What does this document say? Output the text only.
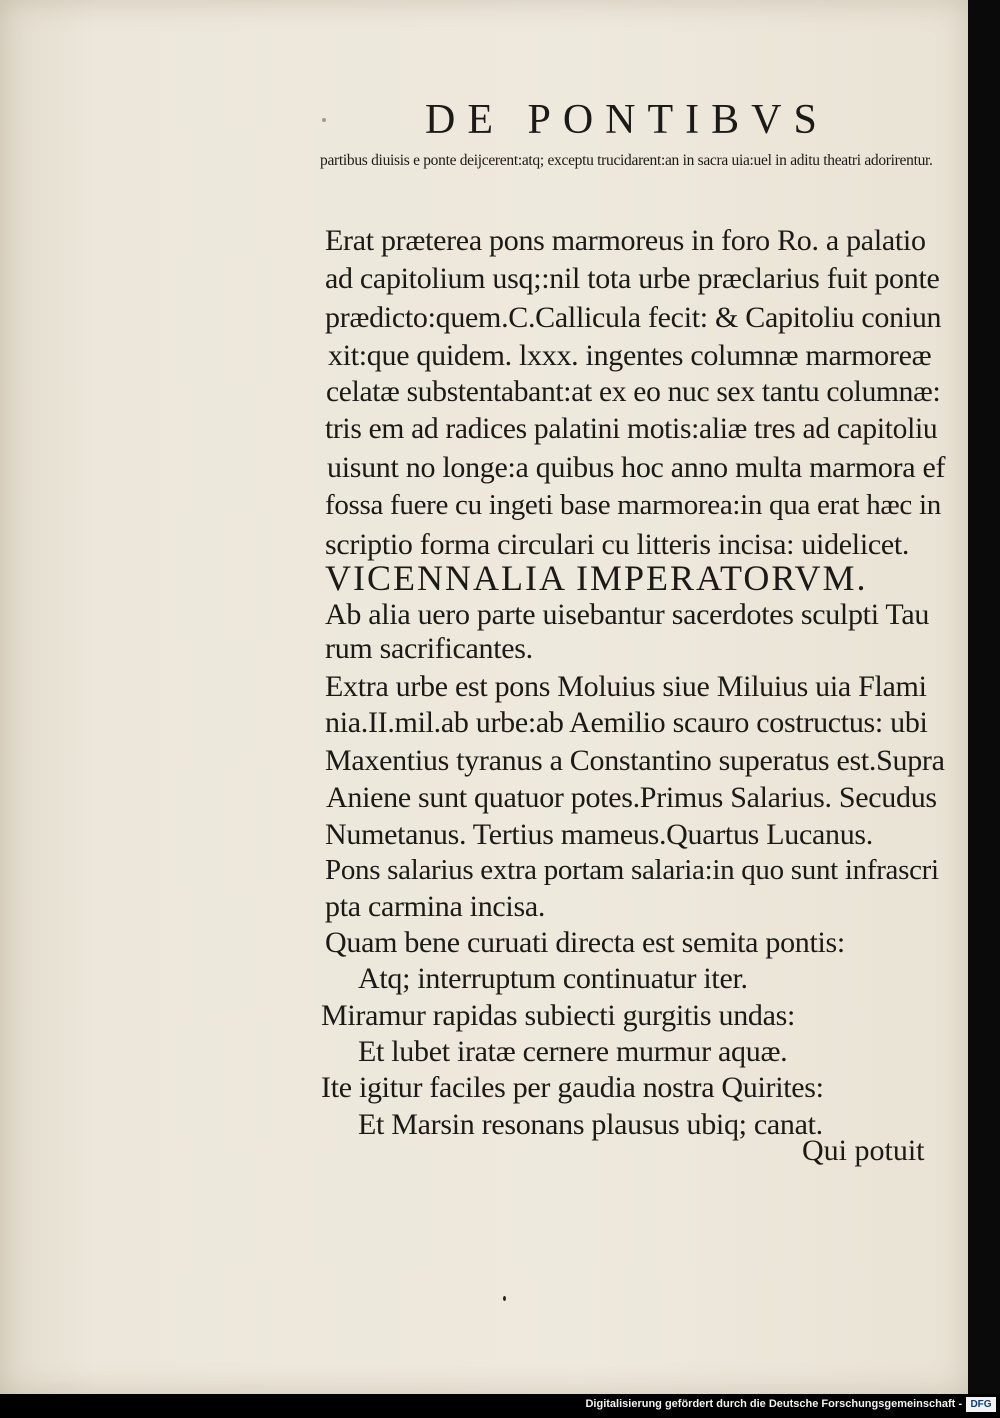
DE PONTIBVS
partibus diuisis e ponte deijcerent:atq; exceptu trucidarent:an in sacra uia:uel in aditu theatri adorirentur.
Erat præterea pons marmoreus in foro Ro. a palatio
ad capitolium usq;:nil tota urbe præclarius fuit ponte
prædicto:quem.C.Callicula fecit: & Capitoliu coniun
xit:que quidem. lxxx. ingentes columnæ marmoreæ
celatæ substentabant:at ex eo nuc sex tantu columnæ:
tris em ad radices palatini motis:aliæ tres ad capitoliu
uisunt no longe:a quibus hoc anno multa marmora ef
fossa fuere cu ingeti base marmorea:in qua erat hæc in
scriptio forma circulari cu litteris incisa: uidelicet.
VICENNALIA IMPERATORVM.
Ab alia uero parte uisebantur sacerdotes sculpti Tau
rum sacrificantes.
Extra urbe est pons Moluius siue Miluius uia Flami
nia.II.mil.ab urbe:ab Aemilio scauro costructus: ubi
Maxentius tyranus a Constantino superatus est.Supra
Aniene sunt quatuor potes.Primus Salarius. Secudus
Numetanus. Tertius mameus.Quartus Lucanus.
Pons salarius extra portam salaria:in quo sunt infrascri
pta carmina incisa.
Quam bene curuati directa est semita pontis:
Atq; interruptum continuatur iter.
Miramur rapidas subiecti gurgitis undas:
Et lubet iratæ cernere murmur aquæ.
Ite igitur faciles per gaudia nostra Quirites:
Et Marsin resonans plausus ubiq; canat.
Qui potuit
Digitalisierung gefördert durch die Deutsche Forschungsgemeinschaft - DFG
